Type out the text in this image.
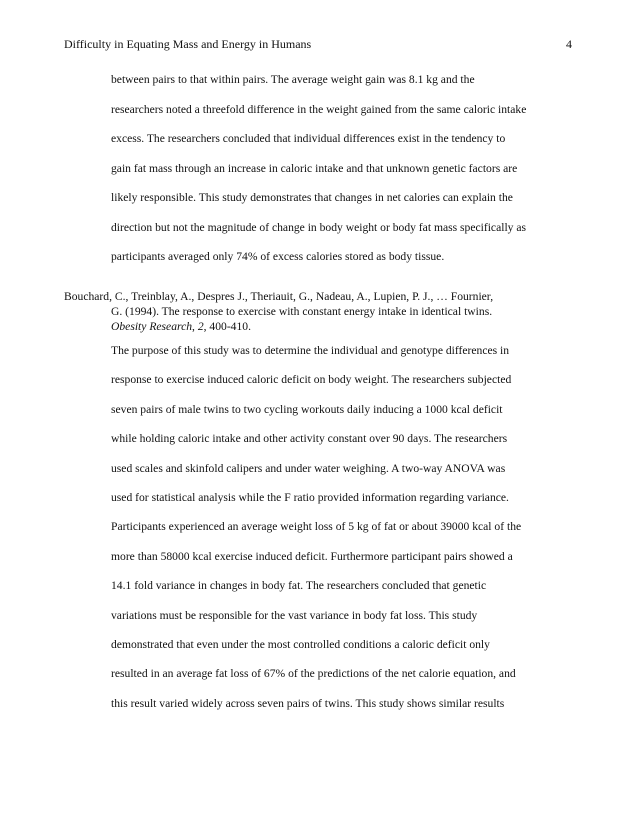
Difficulty in Equating Mass and Energy in Humans	4
between pairs to that within pairs. The average weight gain was 8.1 kg and the
researchers noted a threefold difference in the weight gained from the same caloric intake
excess. The researchers concluded that individual differences exist in the tendency to
gain fat mass through an increase in caloric intake and that unknown genetic factors are
likely responsible. This study demonstrates that changes in net calories can explain the
direction but not the magnitude of change in body weight or body fat mass specifically as
participants averaged only 74% of excess calories stored as body tissue.
Bouchard, C., Treinblay, A., Despres J., Theriauit, G., Nadeau, A., Lupien, P. J., … Fournier,
G. (1994). The response to exercise with constant energy intake in identical twins.
Obesity Research, 2, 400-410.
The purpose of this study was to determine the individual and genotype differences in
response to exercise induced caloric deficit on body weight. The researchers subjected
seven pairs of male twins to two cycling workouts daily inducing a 1000 kcal deficit
while holding caloric intake and other activity constant over 90 days. The researchers
used scales and skinfold calipers and under water weighing. A two-way ANOVA was
used for statistical analysis while the F ratio provided information regarding variance.
Participants experienced an average weight loss of 5 kg of fat or about 39000 kcal of the
more than 58000 kcal exercise induced deficit. Furthermore participant pairs showed a
14.1 fold variance in changes in body fat. The researchers concluded that genetic
variations must be responsible for the vast variance in body fat loss. This study
demonstrated that even under the most controlled conditions a caloric deficit only
resulted in an average fat loss of 67% of the predictions of the net calorie equation, and
this result varied widely across seven pairs of twins. This study shows similar results
